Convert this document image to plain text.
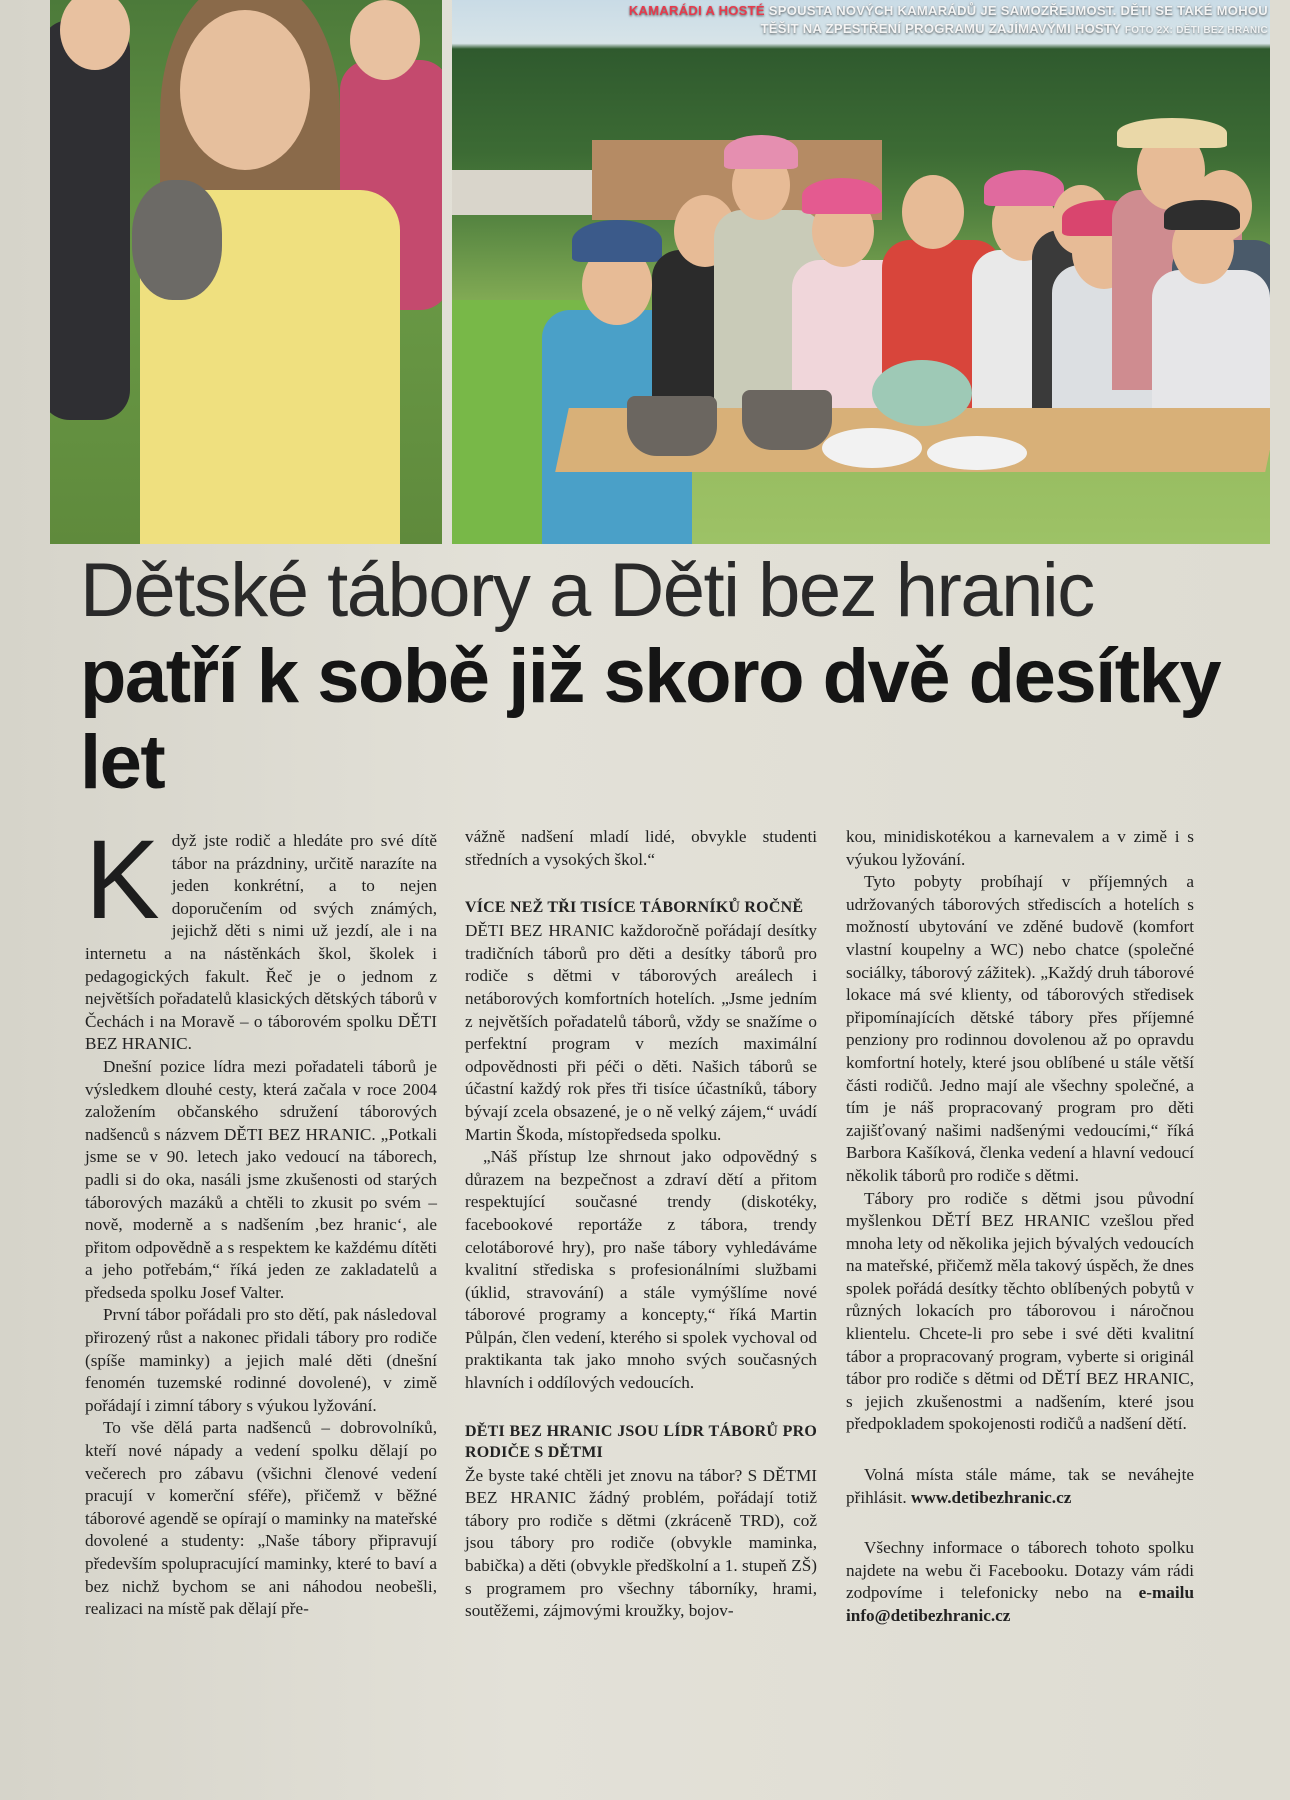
KAMARÁDI A HOSTÉ SPOUSTA NOVÝCH KAMARÁDŮ JE SAMOZŘEJMOST. DĚTI SE TAKÉ MOHOU TĚŠIT NA ZPESTŘENÍ PROGRAMU ZAJÍMAVÝMI HOSTY FOTO 2X: DĚTI BEZ HRANIC
Dětské tábory a Děti bez hranic patří k sobě již skoro dvě desítky let
K dyž jste rodič a hledáte pro své dítě tábor na prázdniny, určitě narazíte na jeden konkrétní, a to nejen doporučením od svých známých, jejichž děti s nimi už jezdí, ale i na internetu a na nástěnkách škol, školek i pedagogických fakult. Řeč je o jednom z největších pořadatelů klasických dětských táborů v Čechách i na Moravě – o táborovém spolku DĚTI BEZ HRANIC.

Dnešní pozice lídra mezi pořadateli táborů je výsledkem dlouhé cesty, která začala v roce 2004 založením občanského sdružení táborových nadšenců s názvem DĚTI BEZ HRANIC. „Potkali jsme se v 90. letech jako vedoucí na táborech, padli si do oka, nasáli jsme zkušenosti od starých táborových mazáků a chtěli to zkusit po svém – nově, moderně a s nadšením ‚bez hranic‘, ale přitom odpovědně a s respektem ke každému dítěti a jeho potřebám,“ říká jeden ze zakladatelů a předseda spolku Josef Valter.

První tábor pořádali pro sto dětí, pak následoval přirozený růst a nakonec přidali tábory pro rodiče (spíše maminky) a jejich malé děti (dnešní fenomén tuzemské rodinné dovolené), v zimě pořádají i zimní tábory s výukou lyžování.

To vše dělá parta nadšenců – dobrovolníků, kteří nové nápady a vedení spolku dělají po večerech pro zábavu (všichni členové vedení pracují v komerční sféře), přičemž v běžné táborové agendě se opírají o maminky na mateřské dovolené a studenty: „Naše tábory připravují především spolupracující maminky, které to baví a bez nichž bychom se ani náhodou neobešli, realizaci na místě pak dělají pře-

vážně nadšení mladí lidé, obvykle studenti středních a vysokých škol.“

VÍCE NEŽ TŘI TISÍCE TÁBORNÍKŮ ROČNĚ

DĚTI BEZ HRANIC každoročně pořádají desítky tradičních táborů pro děti a desítky táborů pro rodiče s dětmi v táborových areálech i netáborových komfortních hotelích. „Jsme jedním z největších pořadatelů táborů, vždy se snažíme o perfektní program v mezích maximální odpovědnosti při péči o děti. Našich táborů se účastní každý rok přes tři tisíce účastníků, tábory bývají zcela obsazené, je o ně velký zájem,“ uvádí Martin Škoda, místopředseda spolku.

„Náš přístup lze shrnout jako odpovědný s důrazem na bezpečnost a zdraví dětí a přitom respektující současné trendy (diskotéky, facebookové reportáže z tábora, trendy celotáborové hry), pro naše tábory vyhledáváme kvalitní střediska s profesionálními službami (úklid, stravování) a stále vymýšlíme nové táborové programy a koncepty,“ říká Martin Půlpán, člen vedení, kterého si spolek vychoval od praktikanta tak jako mnoho svých současných hlavních i oddílových vedoucích.

DĚTI BEZ HRANIC JSOU LÍDR TÁBORŮ PRO RODIČE S DĚTMI

Že byste také chtěli jet znovu na tábor? S DĚTMI BEZ HRANIC žádný problém, pořádají totiž tábory pro rodiče s dětmi (zkráceně TRD), což jsou tábory pro rodiče (obvykle maminka, babička) a děti (obvykle předškolní a 1. stupeň ZŠ) s programem pro všechny táborníky, hrami, soutěžemi, zájmovými kroužky, bojov-

kou, minidiskotékou a karnevalem a v zimě i s výukou lyžování.

Tyto pobyty probíhají v příjemných a udržovaných táborových střediscích a hotelích s možností ubytování ve zděné budově (komfort vlastní koupelny a WC) nebo chatce (společné sociálky, táborový zážitek). „Každý druh táborové lokace má své klienty, od táborových středisek připomínajících dětské tábory přes příjemné penziony pro rodinnou dovolenou až po opravdu komfortní hotely, které jsou oblíbené u stále větší části rodičů. Jedno mají ale všechny společné, a tím je náš propracovaný program pro děti zajišťovaný našimi nadšenými vedoucími,“ říká Barbora Kašíková, členka vedení a hlavní vedoucí několik táborů pro rodiče s dětmi.

Tábory pro rodiče s dětmi jsou původní myšlenkou DĚTÍ BEZ HRANIC vzešlou před mnoha lety od několika jejich bývalých vedoucích na mateřské, přičemž měla takový úspěch, že dnes spolek pořádá desítky těchto oblíbených pobytů v různých lokacích pro táborovou i náročnou klientelu. Chcete-li pro sebe i své děti kvalitní tábor a propracovaný program, vyberte si originál tábor pro rodiče s dětmi od DĚTÍ BEZ HRANIC, s jejich zkušenostmi a nadšením, které jsou předpokladem spokojenosti rodičů a nadšení dětí.

Volná místa stále máme, tak se neváhejte přihlásit. www.detibezhranic.cz

Všechny informace o táborech tohoto spolku najdete na webu či Facebooku. Dotazy vám rádi zodpovíme i telefonicky nebo na e-mailu info@detibezhranic.cz
